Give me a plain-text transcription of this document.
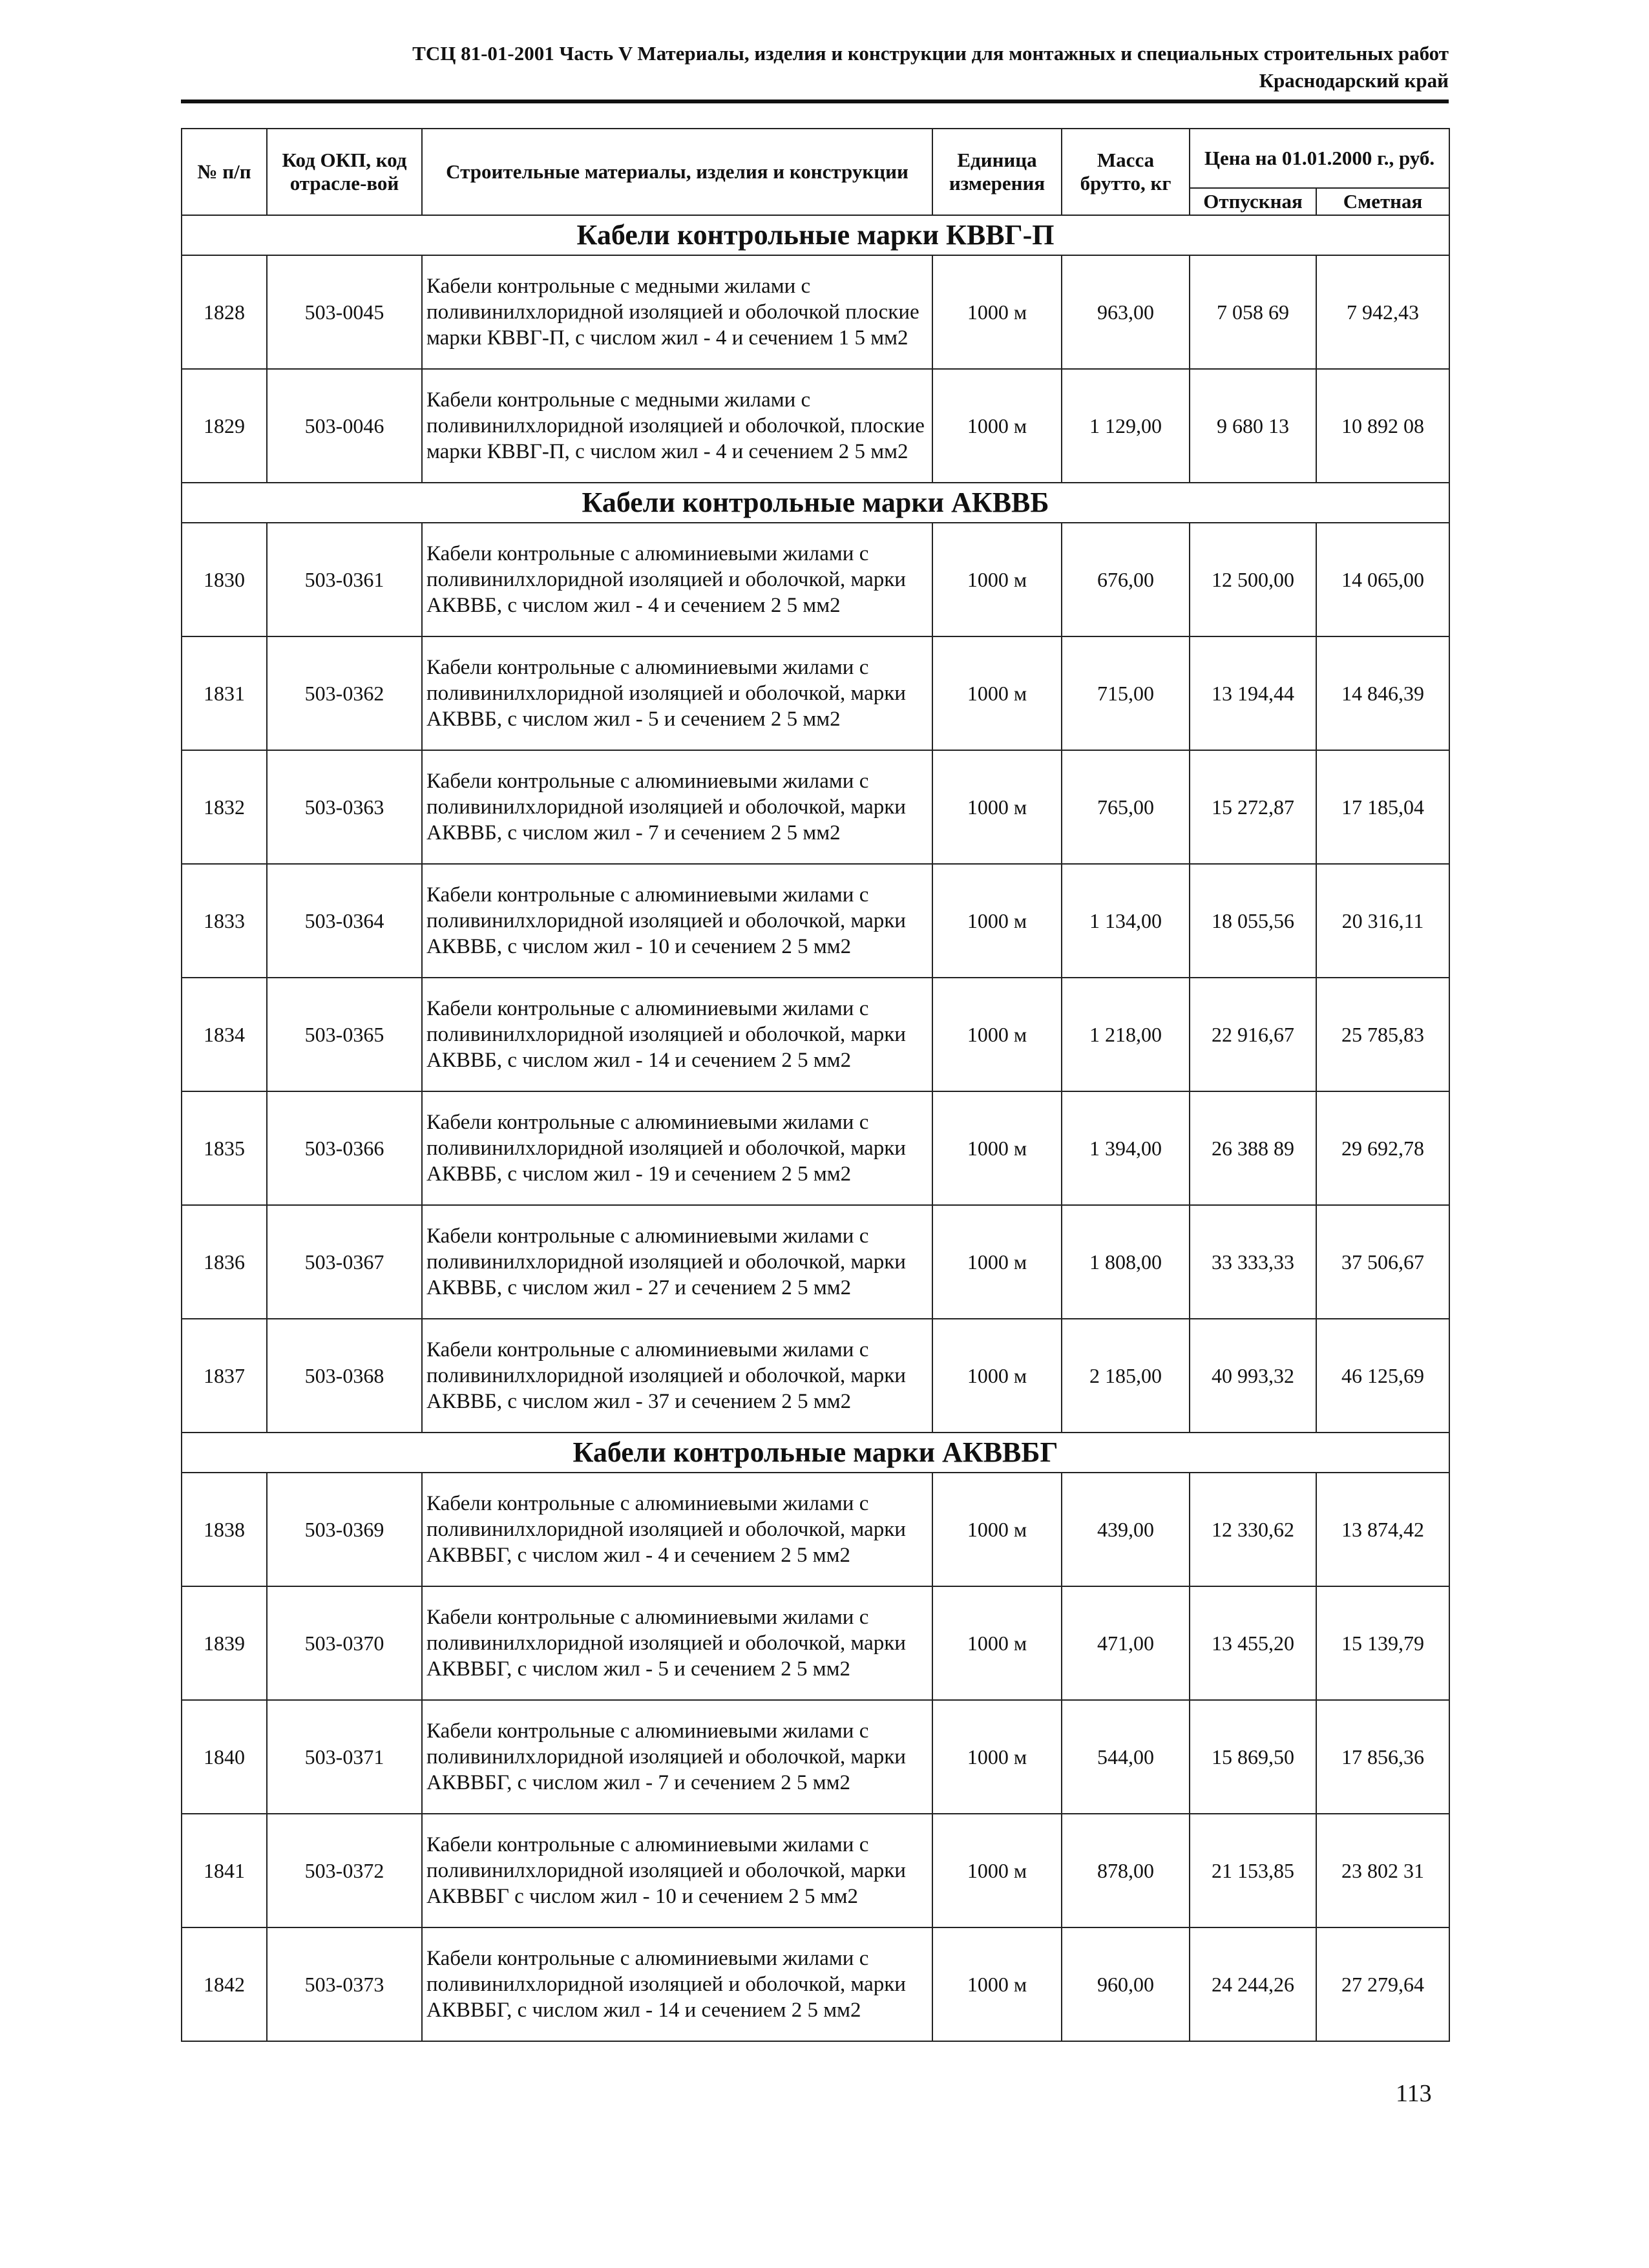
ТСЦ 81-01-2001 Часть V Материалы, изделия и конструкции для монтажных и специальных строительных работ
Краснодарский край
№ п/п	Код ОКП, код отрасле-вой	Строительные материалы, изделия и конструкции	Единица измерения	Масса брутто, кг	Цена на 01.01.2000 г., руб.	
					Отпускная	Сметная
Кабели контрольные марки КВВГ-П						
1828	503-0045	Кабели контрольные с медными жилами с поливинилхлоридной изоляцией и оболочкой плоские марки КВВГ-П, с числом жил - 4 и сечением 1 5 мм2	1000 м	963,00	7 058 69	7 942,43
1829	503-0046	Кабели контрольные с медными жилами с поливинилхлоридной изоляцией и оболочкой, плоские марки КВВГ-П, с числом жил - 4 и сечением 2 5 мм2	1000 м	1 129,00	9 680 13	10 892 08
Кабели контрольные марки АКВВБ						
1830	503-0361	Кабели контрольные с алюминиевыми жилами с поливинилхлоридной изоляцией и оболочкой, марки АКВВБ, с числом жил - 4 и сечением 2 5 мм2	1000 м	676,00	12 500,00	14 065,00
1831	503-0362	Кабели контрольные с алюминиевыми жилами с поливинилхлоридной изоляцией и оболочкой, марки АКВВБ, с числом жил - 5 и сечением 2 5 мм2	1000 м	715,00	13 194,44	14 846,39
1832	503-0363	Кабели контрольные с алюминиевыми жилами с поливинилхлоридной изоляцией и оболочкой, марки АКВВБ, с числом жил - 7 и сечением 2 5 мм2	1000 м	765,00	15 272,87	17 185,04
1833	503-0364	Кабели контрольные с алюминиевыми жилами с поливинилхлоридной изоляцией и оболочкой, марки АКВВБ, с числом жил - 10 и сечением 2 5 мм2	1000 м	1 134,00	18 055,56	20 316,11
1834	503-0365	Кабели контрольные с алюминиевыми жилами с поливинилхлоридной изоляцией и оболочкой, марки АКВВБ, с числом жил - 14 и сечением 2 5 мм2	1000 м	1 218,00	22 916,67	25 785,83
1835	503-0366	Кабели контрольные с алюминиевыми жилами с поливинилхлоридной изоляцией и оболочкой, марки АКВВБ, с числом жил - 19 и сечением 2 5 мм2	1000 м	1 394,00	26 388 89	29 692,78
1836	503-0367	Кабели контрольные с алюминиевыми жилами с поливинилхлоридной изоляцией и оболочкой, марки АКВВБ, с числом жил - 27 и сечением 2 5 мм2	1000 м	1 808,00	33 333,33	37 506,67
1837	503-0368	Кабели контрольные с алюминиевыми жилами с поливинилхлоридной изоляцией и оболочкой, марки АКВВБ, с числом жил - 37 и сечением 2 5 мм2	1000 м	2 185,00	40 993,32	46 125,69
Кабели контрольные марки АКВВБГ						
1838	503-0369	Кабели контрольные с алюминиевыми жилами с поливинилхлоридной изоляцией и оболочкой, марки АКВВБГ, с числом жил - 4 и сечением 2 5 мм2	1000 м	439,00	12 330,62	13 874,42
1839	503-0370	Кабели контрольные с алюминиевыми жилами с поливинилхлоридной изоляцией и оболочкой, марки АКВВБГ, с числом жил - 5 и сечением 2 5 мм2	1000 м	471,00	13 455,20	15 139,79
1840	503-0371	Кабели контрольные с алюминиевыми жилами с поливинилхлоридной изоляцией и оболочкой, марки АКВВБГ, с числом жил - 7 и сечением 2 5 мм2	1000 м	544,00	15 869,50	17 856,36
1841	503-0372	Кабели контрольные с алюминиевыми жилами с поливинилхлоридной изоляцией и оболочкой, марки АКВВБГ с числом жил - 10 и сечением 2 5 мм2	1000 м	878,00	21 153,85	23 802 31
1842	503-0373	Кабели контрольные с алюминиевыми жилами с поливинилхлоридной изоляцией и оболочкой, марки АКВВБГ, с числом жил - 14 и сечением 2 5 мм2	1000 м	960,00	24 244,26	27 279,64
113
